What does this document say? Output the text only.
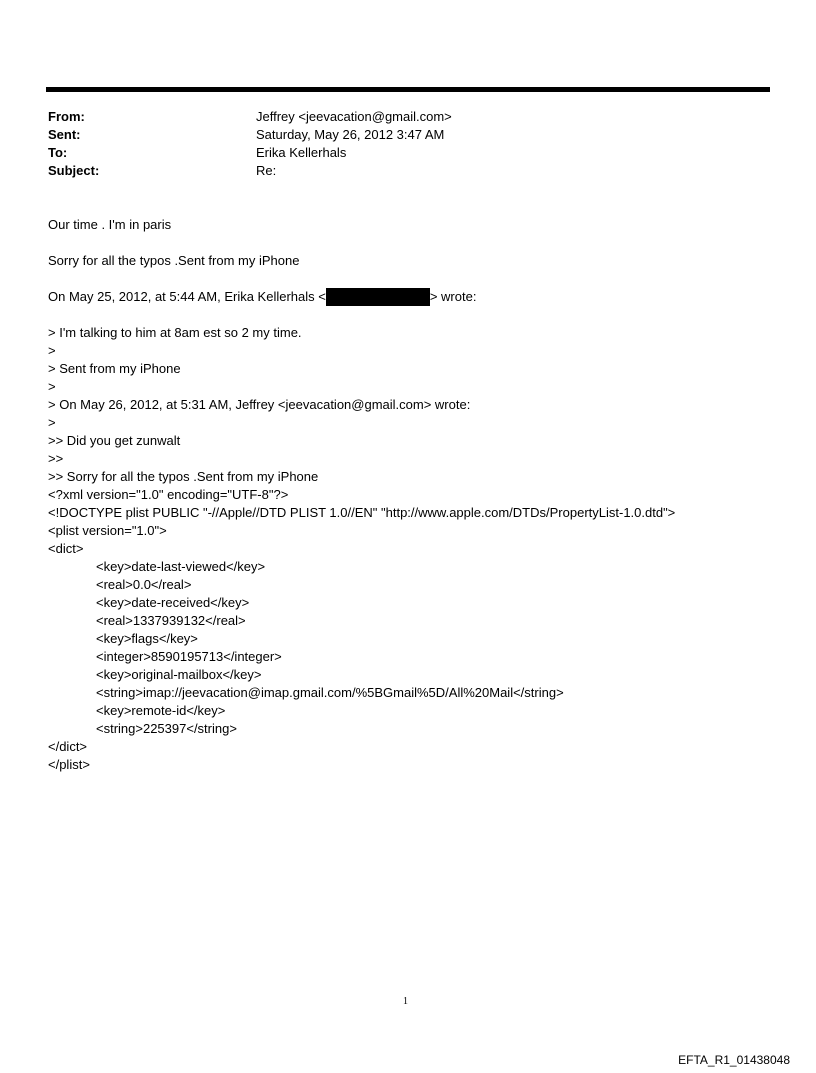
From:	Jeffrey <jeevacation@gmail.com>
Sent:	Saturday, May 26, 2012 3:47 AM
To:	Erika Kellerhals
Subject:	Re:
Our time . I'm in paris
Sorry for all the typos .Sent from my iPhone
On May 25, 2012, at 5:44 AM, Erika Kellerhals <	> wrote:
> I'm talking to him at 8am est so 2 my time.
>
> Sent from my iPhone
>
> On May 26, 2012, at 5:31 AM, Jeffrey <jeevacation@gmail.com> wrote:
>
>> Did you get zunwalt
>>
>> Sorry for all the typos .Sent from my iPhone
<?xml version="1.0" encoding="UTF-8"?>
<!DOCTYPE plist PUBLIC "-//Apple//DTD PLIST 1.0//EN" "http://www.apple.com/DTDs/PropertyList-1.0.dtd">
<plist version="1.0">
<dict>
<key>date-last-viewed</key>
<real>0.0</real>
<key>date-received</key>
<real>1337939132</real>
<key>flags</key>
<integer>8590195713</integer>
<key>original-mailbox</key>
<string>imap://jeevacation@imap.gmail.com/%5BGmail%5D/All%20Mail</string>
<key>remote-id</key>
<string>225397</string>
</dict>
</plist>
1
EFTA_R1_01438048
